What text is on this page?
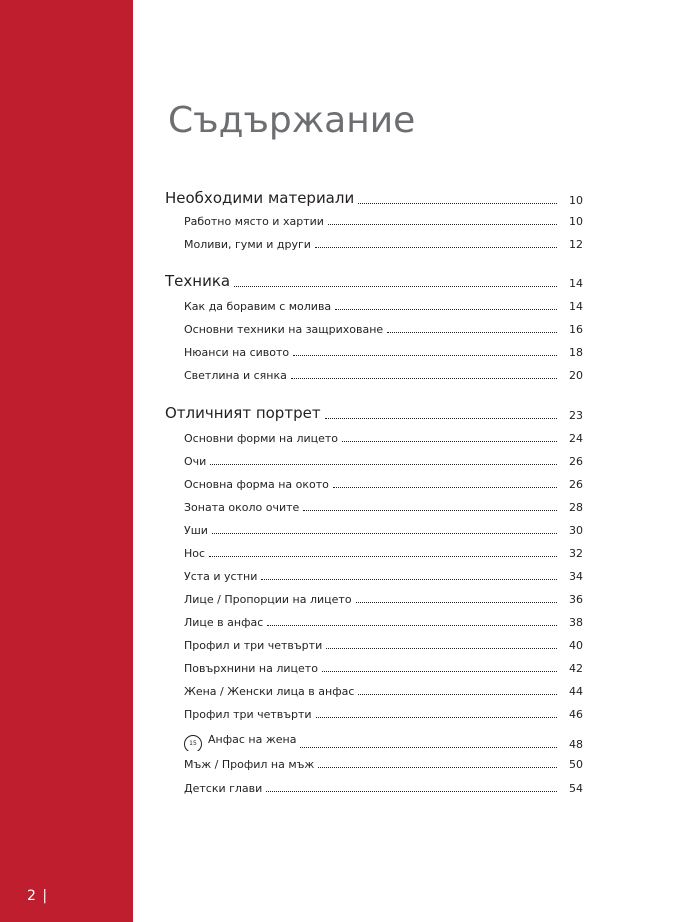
2 |
Съдържание
Необходими материали	10
Работно място и хартии	10
Моливи, гуми и други	12
Техника	14
Как да боравим с молива	14
Основни техники на защриховане	16
Нюанси на сивото	18
Светлина и сянка	20
Отличният портрет	23
Основни форми на лицето	24
Очи	26
Основна форма на окото	26
Зоната около очите	28
Уши	30
Нос	32
Уста и устни	34
Лице / Пропорции на лицето	36
Лице в анфас	38
Профил и три четвърти	40
Повърхнини на лицето	42
Жена / Женски лица в анфас	44
Профил три четвърти	46
15	Анфас на жена	48
Мъж / Профил на мъж	50
Детски глави	54
